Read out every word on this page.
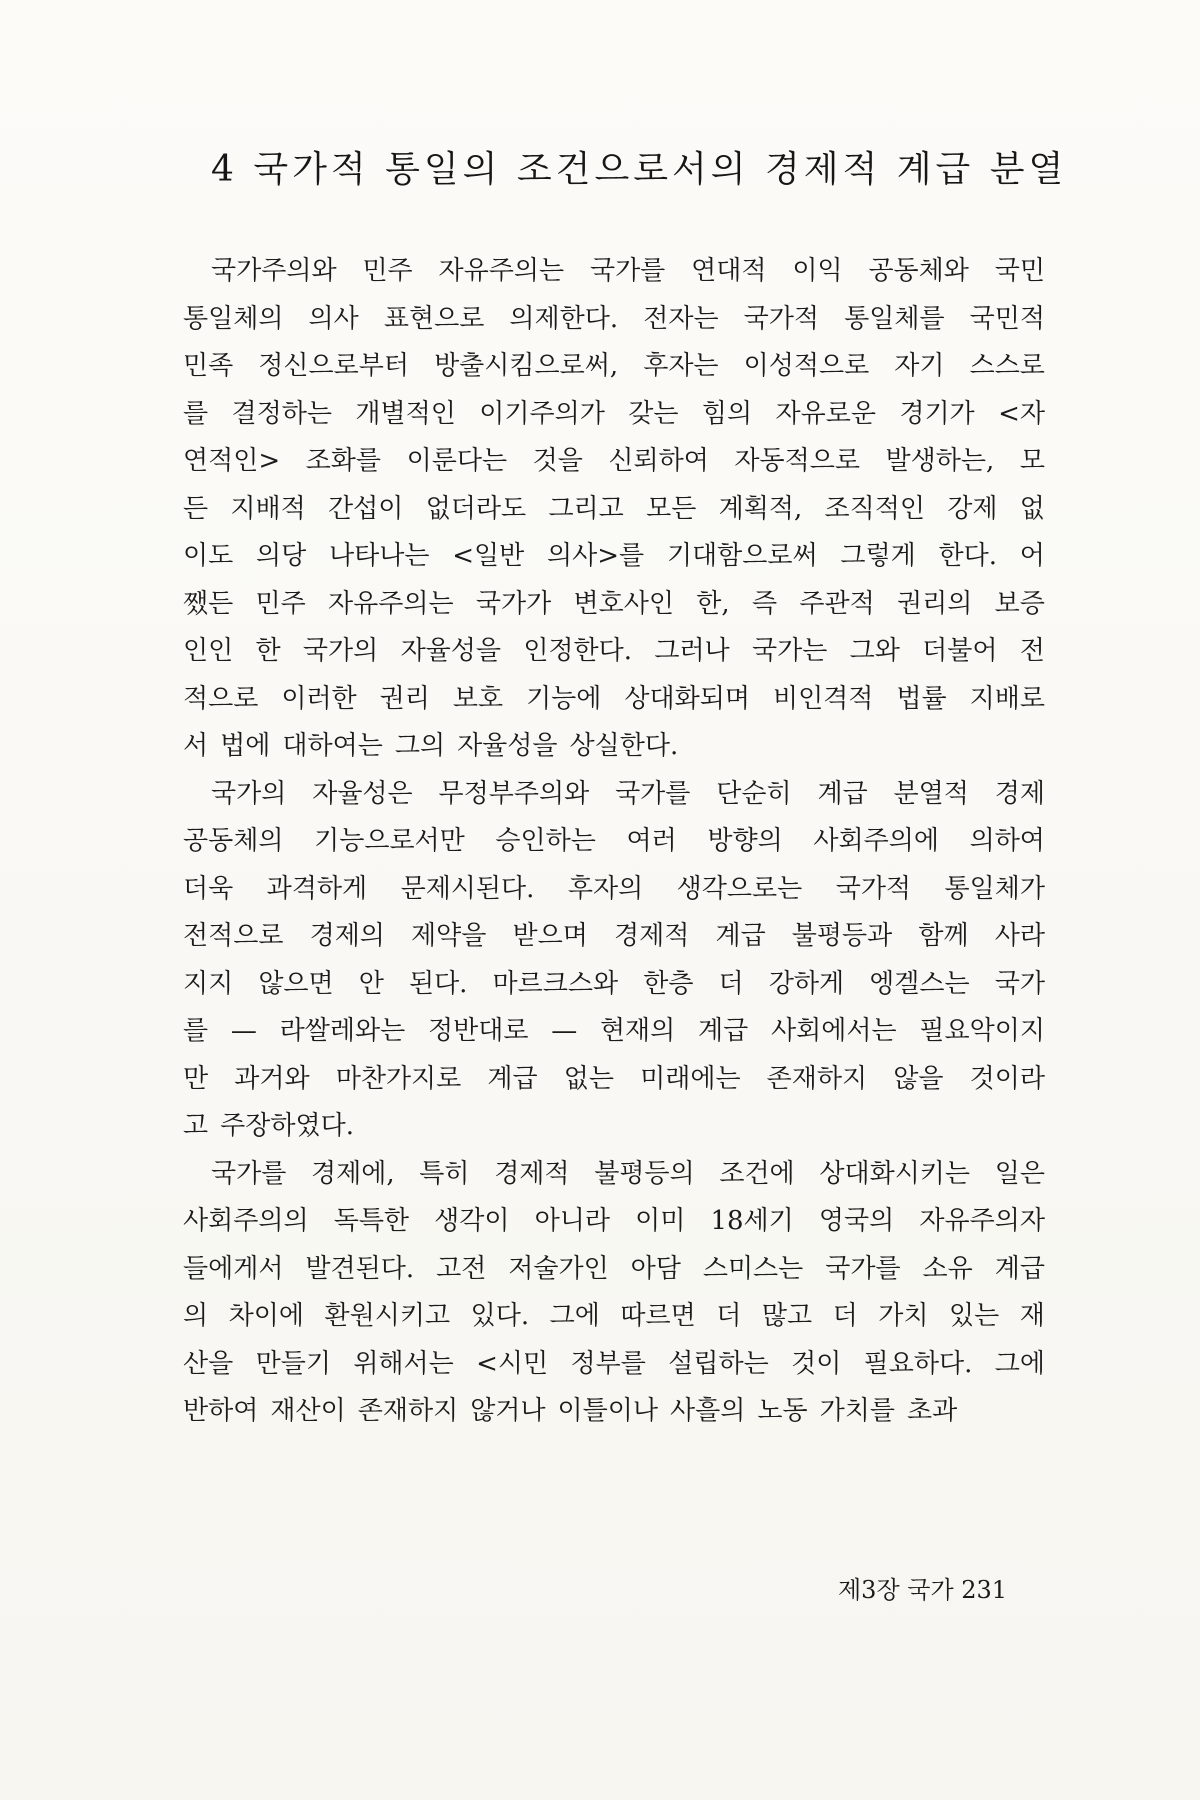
4 국가적 통일의 조건으로서의 경제적 계급 분열
국가주의와 민주 자유주의는 국가를 연대적 이익 공동체와 국민
통일체의 의사 표현으로 의제한다. 전자는 국가적 통일체를 국민적
민족 정신으로부터 방출시킴으로써, 후자는 이성적으로 자기 스스로
를 결정하는 개별적인 이기주의가 갖는 힘의 자유로운 경기가 <자
연적인> 조화를 이룬다는 것을 신뢰하여 자동적으로 발생하는, 모
든 지배적 간섭이 없더라도 그리고 모든 계획적, 조직적인 강제 없
이도 의당 나타나는 <일반 의사>를 기대함으로써 그렇게 한다. 어
쨌든 민주 자유주의는 국가가 변호사인 한, 즉 주관적 권리의 보증
인인 한 국가의 자율성을 인정한다. 그러나 국가는 그와 더불어 전
적으로 이러한 권리 보호 기능에 상대화되며 비인격적 법률 지배로
서 법에 대하여는 그의 자율성을 상실한다.
국가의 자율성은 무정부주의와 국가를 단순히 계급 분열적 경제
공동체의 기능으로서만 승인하는 여러 방향의 사회주의에 의하여
더욱 과격하게 문제시된다. 후자의 생각으로는 국가적 통일체가
전적으로 경제의 제약을 받으며 경제적 계급 불평등과 함께 사라
지지 않으면 안 된다. 마르크스와 한층 더 강하게 엥겔스는 국가
를 — 라쌀레와는 정반대로 — 현재의 계급 사회에서는 필요악이지
만 과거와 마찬가지로 계급 없는 미래에는 존재하지 않을 것이라
고 주장하였다.
국가를 경제에, 특히 경제적 불평등의 조건에 상대화시키는 일은
사회주의의 독특한 생각이 아니라 이미 18세기 영국의 자유주의자
들에게서 발견된다. 고전 저술가인 아담 스미스는 국가를 소유 계급
의 차이에 환원시키고 있다. 그에 따르면 더 많고 더 가치 있는 재
산을 만들기 위해서는 <시민 정부를 설립하는 것이 필요하다. 그에
반하여 재산이 존재하지 않거나 이틀이나 사흘의 노동 가치를 초과
제3장 국가 231
